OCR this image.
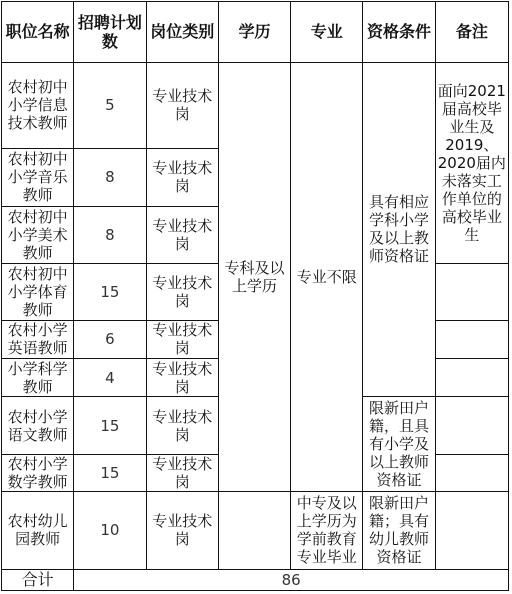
职位名称	招聘计划数	岗位类别	学历	专业	资格条件	备注
农村初中小学信息技术教师	5	专业技术岗	专科及以上学历	专业不限	具有相应学科小学及以上教师资格证	面向2021届高校毕业生及2019、2020届内未落实工作单位的高校毕业生
农村初中小学音乐教师	8	专业技术岗				
农村初中小学美术教师	8	专业技术岗				
农村初中小学体育教师	15	专业技术岗				
农村小学英语教师	6	专业技术岗				
小学科学教师	4	专业技术岗				
农村小学语文教师	15	专业技术岗			限新田户籍，且具有小学及以上教师资格证	
农村小学数学教师	15	专业技术岗				
农村幼儿园教师	10	专业技术岗		中专及以上学历为学前教育专业毕业	限新田户籍；具有幼儿教师资格证	
合计	86					
